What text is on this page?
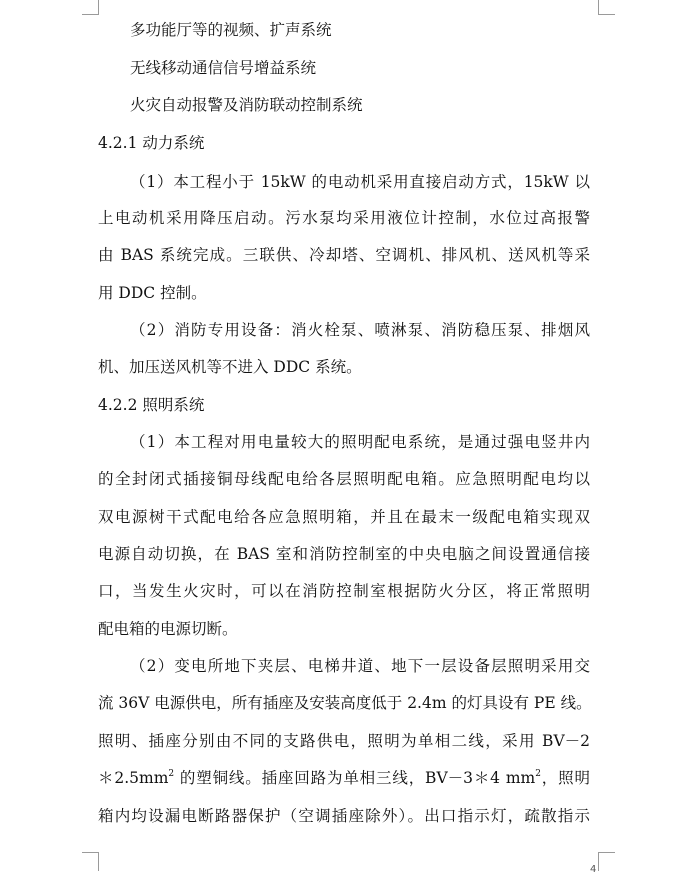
多功能厅等的视频、扩声系统
无线移动通信信号增益系统
火灾自动报警及消防联动控制系统
4.2.1 动力系统
（1）本工程小于 15kW 的电动机采用直接启动方式，15kW 以
上电动机采用降压启动。污水泵均采用液位计控制，水位过高报警
由 BAS 系统完成。三联供、冷却塔、空调机、排风机、送风机等采
用 DDC 控制。
（2）消防专用设备：消火栓泵、喷淋泵、消防稳压泵、排烟风
机、加压送风机等不进入 DDC 系统。
4.2.2 照明系统
（1）本工程对用电量较大的照明配电系统，是通过强电竖井内
的全封闭式插接铜母线配电给各层照明配电箱。应急照明配电均以
双电源树干式配电给各应急照明箱，并且在最末一级配电箱实现双
电源自动切换，在 BAS 室和消防控制室的中央电脑之间设置通信接
口，当发生火灾时，可以在消防控制室根据防火分区，将正常照明
配电箱的电源切断。
（2）变电所地下夹层、电梯井道、地下一层设备层照明采用交
流 36V 电源供电，所有插座及安装高度低于 2.4m 的灯具设有 PE 线。
照明、插座分别由不同的支路供电，照明为单相二线，采用 BV－2
$*2.5mm^2$ 的塑铜线。插座回路为单相三线，BV－3＊4 $mm^2$，照明
箱内均设漏电断路器保护（空调插座除外）。出口指示灯，疏散指示
4
